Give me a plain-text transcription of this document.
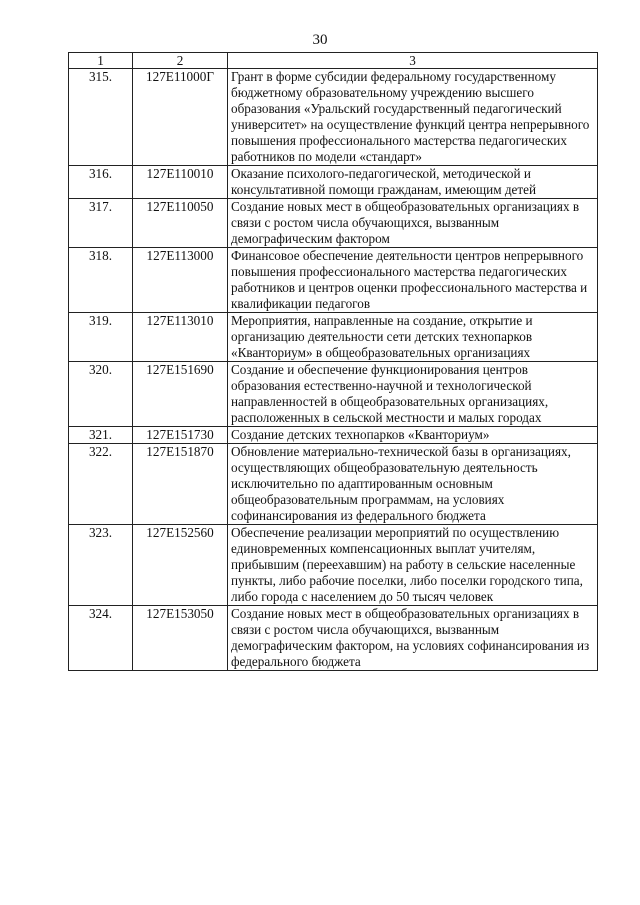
30
1	2	3
315.	127E11000Г	Грант в форме субсидии федеральному государственному бюджетному образовательному учреждению высшего образования «Уральский государственный педагогический университет» на осуществление функций центра непрерывного повышения профессионального мастерства педагогических работников по модели «стандарт»
316.	127E110010	Оказание психолого-педагогической, методической и консультативной помощи гражданам, имеющим детей
317.	127E110050	Создание новых мест в общеобразовательных организациях в связи с ростом числа обучающихся, вызванным демографическим фактором
318.	127E113000	Финансовое обеспечение деятельности центров непрерывного повышения профессионального мастерства педагогических работников и центров оценки профессионального мастерства и квалификации педагогов
319.	127E113010	Мероприятия, направленные на создание, открытие и организацию деятельности сети детских технопарков «Кванториум» в общеобразовательных организациях
320.	127E151690	Создание и обеспечение функционирования центров образования естественно-научной и технологической направленностей в общеобразовательных организациях, расположенных в сельской местности и малых городах
321.	127E151730	Создание детских технопарков «Кванториум»
322.	127E151870	Обновление материально-технической базы в организациях, осуществляющих общеобразовательную деятельность исключительно по адаптированным основным общеобразовательным программам, на условиях софинансирования из федерального бюджета
323.	127E152560	Обеспечение реализации мероприятий по осуществлению единовременных компенсационных выплат учителям, прибывшим (переехавшим) на работу в сельские населенные пункты, либо рабочие поселки, либо поселки городского типа, либо города с населением до 50 тысяч человек
324.	127E153050	Создание новых мест в общеобразовательных организациях в связи с ростом числа обучающихся, вызванным демографическим фактором, на условиях софинансирования из федерального бюджета
